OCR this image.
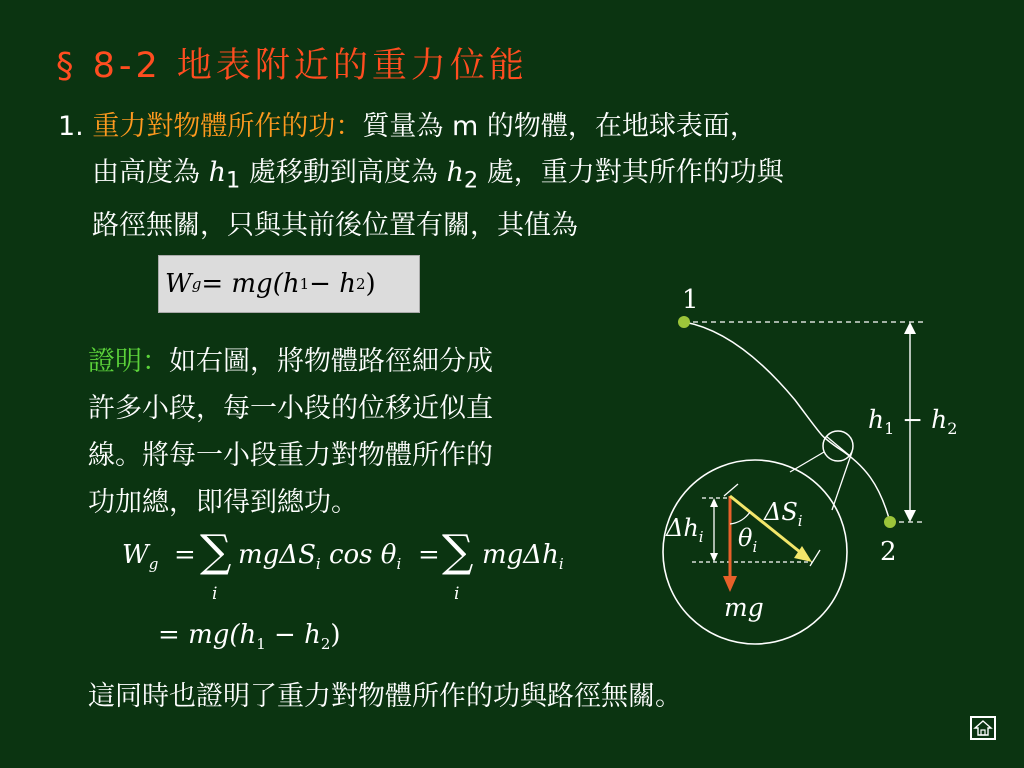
§ 8-2 地表附近的重力位能
1. 重力對物體所作的功：質量為 m 的物體，在地球表面，
由高度為 $h_1$ 處移動到高度為 $h_2$ 處，重力對其所作的功與
路徑無關，只與其前後位置有關，其值為
W g = mg(h 1 − h 2 )
證明：如右圖，將物體路徑細分成
許多小段，每一小段的位移近似直
線。將每一小段重力對物體所作的
功加總，即得到總功。
$W_g$ = ∑
i
mgΔS$_i$ $\cos \theta_i$ = ∑
i
mgΔh$_i$
= $mg(h_1 - h_2)$
這同時也證明了重力對物體所作的功與路徑無關。
1
2
$h_1 - h_2$
$\Delta h_i$
$\Delta S_i$
$\theta_i$
mg
